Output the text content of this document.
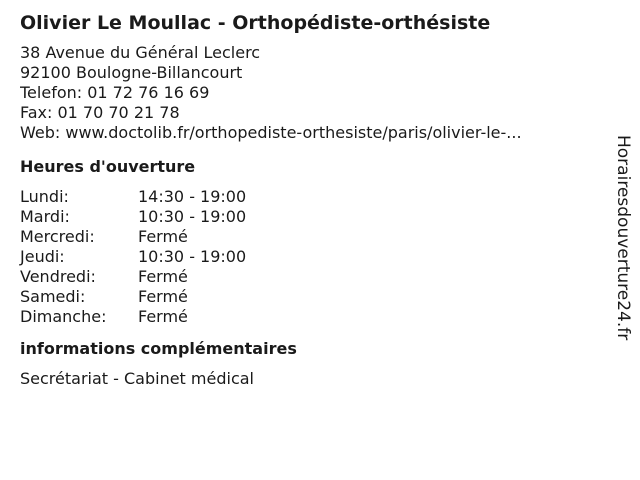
Olivier Le Moullac - Orthopédiste-orthésiste
38 Avenue du Général Leclerc
92100 Boulogne-Billancourt
Telefon: 01 72 76 16 69
Fax: 01 70 70 21 78
Web: www.doctolib.fr/orthopediste-orthesiste/paris/olivier-le-...
Heures d'ouverture
Lundi:	14:30 - 19:00
Mardi:	10:30 - 19:00
Mercredi:	Fermé
Jeudi:	10:30 - 19:00
Vendredi:	Fermé
Samedi:	Fermé
Dimanche:	Fermé
informations complémentaires
Secrétariat - Cabinet médical
Horairesdouverture24.fr
